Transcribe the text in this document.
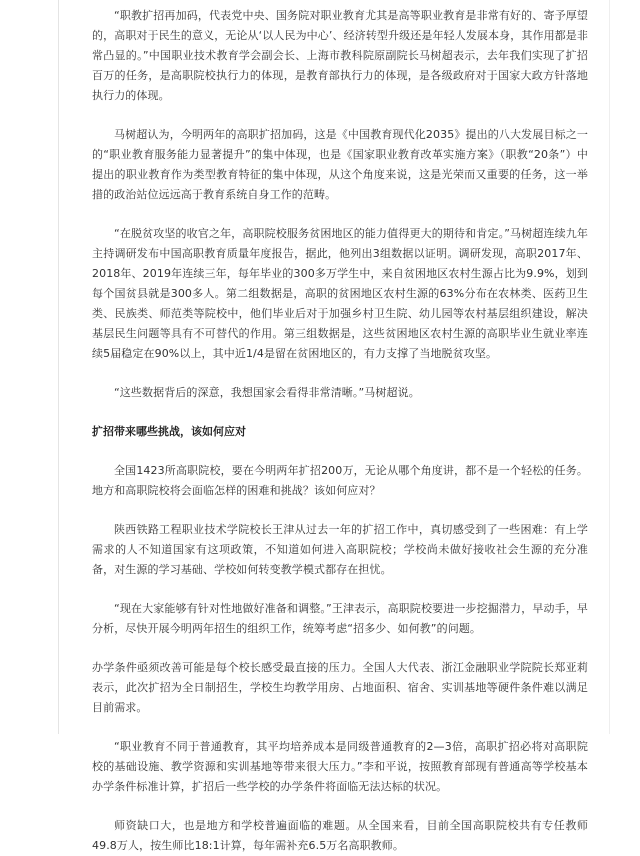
“职教扩招再加码，代表党中央、国务院对职业教育尤其是高等职业教育是非常有好的、寄予厚望的，高职对于民生的意义，无论从‘以人民为中心’、经济转型升级还是年轻人发展本身，其作用都是非常凸显的。”中国职业技术教育学会副会长、上海市教科院原副院长马树超表示，去年我们实现了扩招百万的任务，是高职院校执行力的体现，是教育部执行力的体现，是各级政府对于国家大政方针落地执行力的体现。

马树超认为，今明两年的高职扩招加码，这是《中国教育现代化2035》提出的八大发展目标之一的“职业教育服务能力显著提升”的集中体现，也是《国家职业教育改革实施方案》（职教“20条”）中提出的职业教育作为类型教育特征的集中体现，从这个角度来说，这是光荣而又重要的任务，这一举措的政治站位远远高于教育系统自身工作的范畴。

“在脱贫攻坚的收官之年，高职院校服务贫困地区的能力值得更大的期待和肯定。”马树超连续九年主持调研发布中国高职教育质量年度报告，据此，他列出3组数据以证明。调研发现，高职2017年、2018年、2019年连续三年，每年毕业的300多万学生中，来自贫困地区农村生源占比为9.9%，划到每个国贫县就是300多人。第二组数据是，高职的贫困地区农村生源的63%分布在农林类、医药卫生类、民族类、师范类等院校中，他们毕业后对于加强乡村卫生院、幼儿园等农村基层组织建设，解决基层民生问题等具有不可替代的作用。第三组数据是，这些贫困地区农村生源的高职毕业生就业率连续5届稳定在90%以上，其中近1/4是留在贫困地区的，有力支撑了当地脱贫攻坚。

“这些数据背后的深意，我想国家会看得非常清晰。”马树超说。

扩招带来哪些挑战，该如何应对

全国1423所高职院校，要在今明两年扩招200万，无论从哪个角度讲，都不是一个轻松的任务。地方和高职院校将会面临怎样的困难和挑战？该如何应对？

陕西铁路工程职业技术学院校长王津从过去一年的扩招工作中，真切感受到了一些困难：有上学需求的人不知道国家有这项政策，不知道如何进入高职院校；学校尚未做好接收社会生源的充分准备，对生源的学习基础、学校如何转变教学模式都存在担忧。

“现在大家能够有针对性地做好准备和调整。”王津表示，高职院校要进一步挖掘潜力，早动手，早分析，尽快开展今明两年招生的组织工作，统筹考虑“招多少、如何教”的问题。

办学条件亟须改善可能是每个校长感受最直接的压力。全国人大代表、浙江金融职业学院院长郑亚莉表示，此次扩招为全日制招生，学校生均教学用房、占地面积、宿舍、实训基地等硬件条件难以满足目前需求。

“职业教育不同于普通教育，其平均培养成本是同级普通教育的2—3倍，高职扩招必将对高职院校的基础设施、教学资源和实训基地等带来很大压力。”李和平说，按照教育部现有普通高等学校基本办学条件标准计算，扩招后一些学校的办学条件将面临无法达标的状况。

师资缺口大，也是地方和学校普遍面临的难题。从全国来看，目前全国高职院校共有专任教师49.8万人，按生师比18:1计算，每年需补充6.5万名高职教师。
